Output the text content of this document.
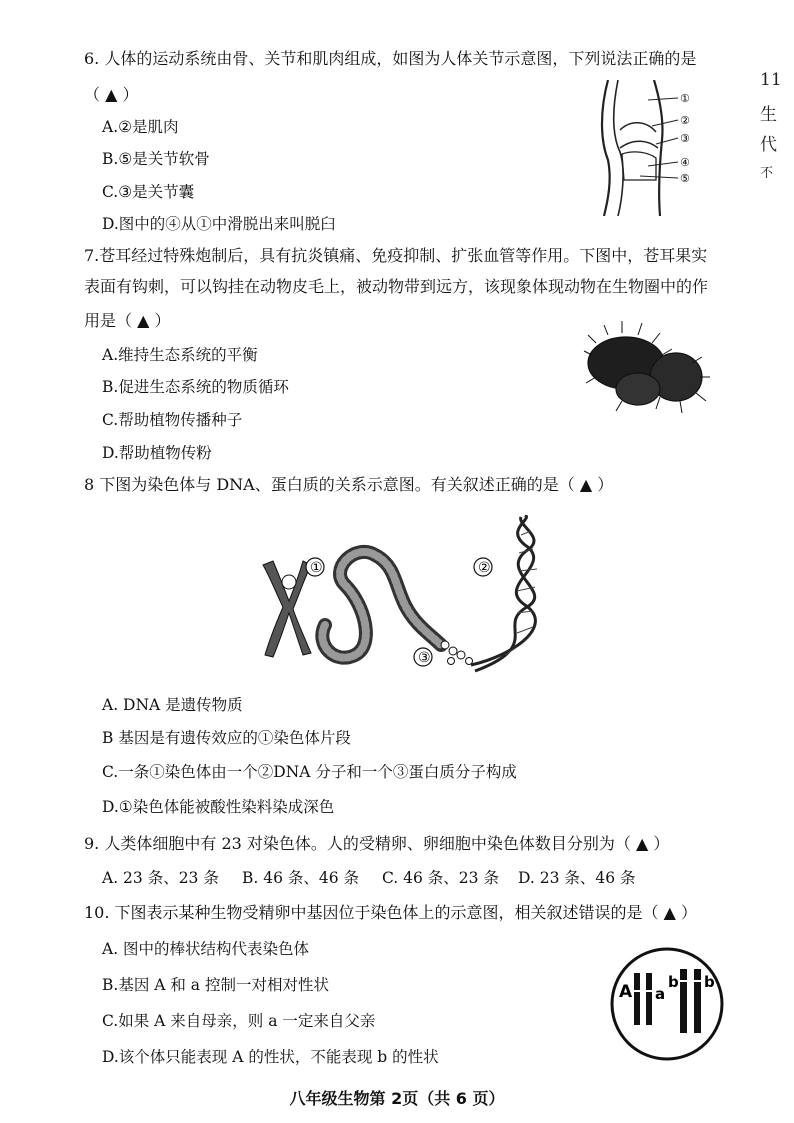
6. 人体的运动系统由骨、关节和肌肉组成，如图为人体关节示意图，下列说法正确的是
（ ▲ ）
A.②是肌肉
B.⑤是关节软骨
C.③是关节囊
D.图中的④从①中滑脱出来叫脱臼
①
②
③
④
⑤
11
生
代
不
7.苍耳经过特殊炮制后，具有抗炎镇痛、免疫抑制、扩张血管等作用。下图中，苍耳果实
表面有钩刺，可以钩挂在动物皮毛上，被动物带到远方，该现象体现动物在生物圈中的作
用是（ ▲ ）
A.维持生态系统的平衡
B.促进生态系统的物质循环
C.帮助植物传播种子
D.帮助植物传粉
8 下图为染色体与 DNA、蛋白质的关系示意图。有关叙述正确的是（ ▲ ）
①
③
②
A. DNA 是遗传物质
B 基因是有遗传效应的①染色体片段
C.一条①染色体由一个②DNA 分子和一个③蛋白质分子构成
D.①染色体能被酸性染料染成深色
9. 人类体细胞中有 23 对染色体。人的受精卵、卵细胞中染色体数目分别为（ ▲ ）
A. 23 条、23 条 B. 46 条、46 条 C. 46 条、23 条 D. 23 条、46 条
10. 下图表示某种生物受精卵中基因位于染色体上的示意图，相关叙述错误的是（ ▲ ）
A. 图中的棒状结构代表染色体
B.基因 A 和 a 控制一对相对性状
C.如果 A 来自母亲，则 a 一定来自父亲
D.该个体只能表现 A 的性状，不能表现 b 的性状
A a
b b
八年级生物第 2页（共 6 页）
